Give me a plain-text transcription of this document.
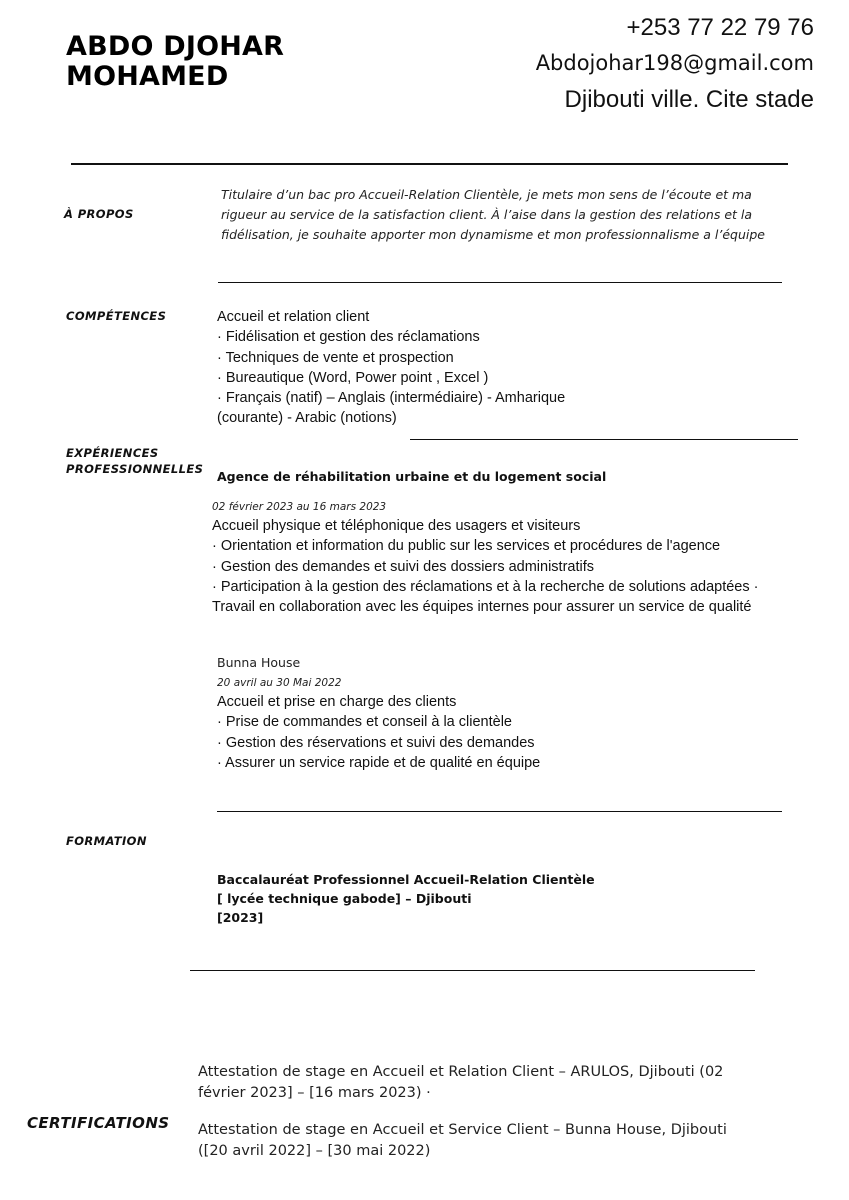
ABDO DJOHAR
MOHAMED
+253 77 22 79 76
Abdojohar198@gmail.com
Djibouti ville. Cite stade
À PROPOS
Titulaire d’un bac pro Accueil-Relation Clientèle, je mets mon sens de l’écoute et ma
rigueur au service de la satisfaction client. À l’aise dans la gestion des relations et la
fidélisation, je souhaite apporter mon dynamisme et mon professionnalisme a l’équipe
COMPÉTENCES	Accueil et relation client
· Fidélisation et gestion des réclamations
· Techniques de vente et prospection
· Bureautique (Word, Power point , Excel )
· Français (natif) – Anglais (intermédiaire) - Amharique
(courante) - Arabic (notions)
EXPÉRIENCES
PROFESSIONNELLES Agence de réhabilitation urbaine et du logement social
02 février 2023 au 16 mars 2023
Accueil physique et téléphonique des usagers et visiteurs
· Orientation et information du public sur les services et procédures de l'agence
· Gestion des demandes et suivi des dossiers administratifs
· Participation à la gestion des réclamations et à la recherche de solutions adaptées ·
Travail en collaboration avec les équipes internes pour assurer un service de qualité
Bunna House
20 avril au 30 Mai 2022
Accueil et prise en charge des clients
· Prise de commandes et conseil à la clientèle
· Gestion des réservations et suivi des demandes
· Assurer un service rapide et de qualité en équipe
FORMATION
Baccalauréat Professionnel Accueil-Relation Clientèle
[ lycée technique gabode] – Djibouti
[2023]
CERTIFICATIONS
Attestation de stage en Accueil et Relation Client – ARULOS, Djibouti (02
février 2023] – [16 mars 2023) ·
Attestation de stage en Accueil et Service Client – Bunna House, Djibouti
([20 avril 2022] – [30 mai 2022)
